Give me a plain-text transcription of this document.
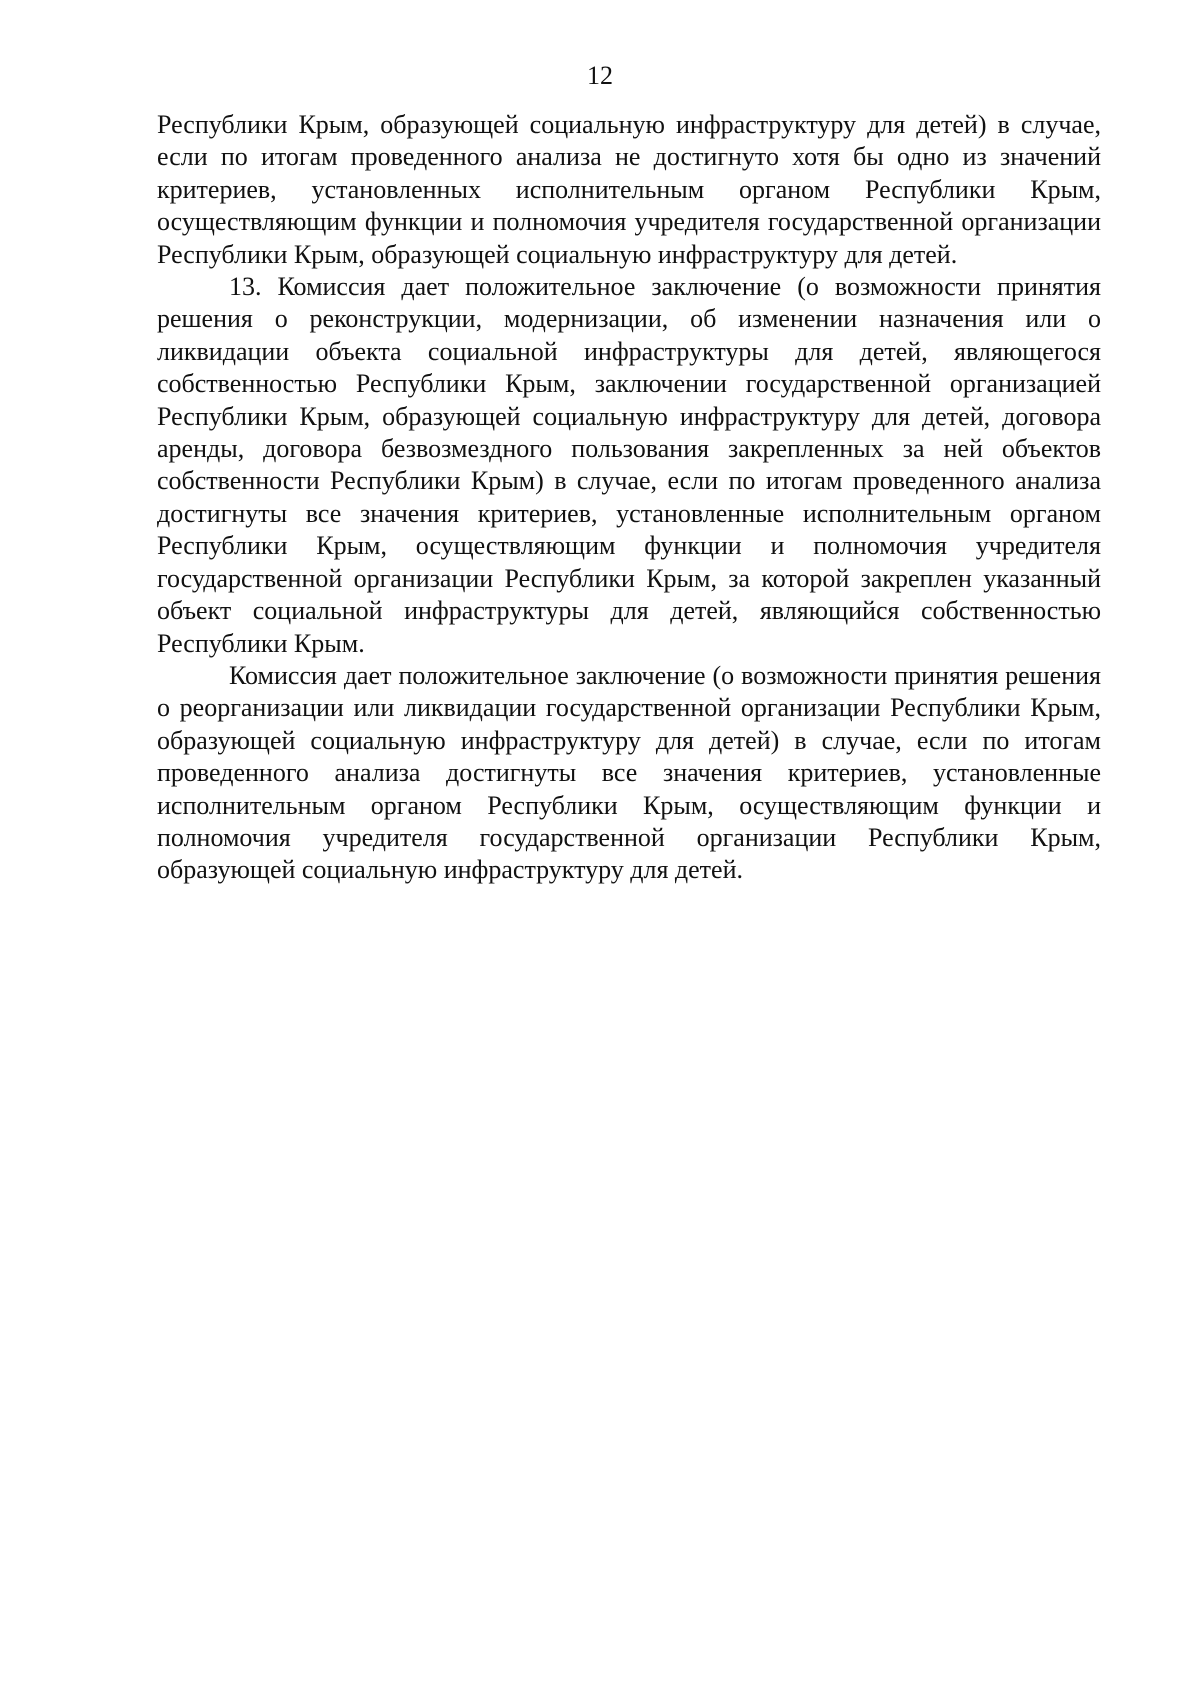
12

Республики Крым, образующей социальную инфраструктуру для детей) в случае, если по итогам проведенного анализа не достигнуто хотя бы одно из значений критериев, установленных исполнительным органом Республики Крым, осуществляющим функции и полномочия учредителя государственной организации Республики Крым, образующей социальную инфраструктуру для детей.

13. Комиссия дает положительное заключение (о возможности принятия решения о реконструкции, модернизации, об изменении назначения или о ликвидации объекта социальной инфраструктуры для детей, являющегося собственностью Республики Крым, заключении государственной организацией Республики Крым, образующей социальную инфраструктуру для детей, договора аренды, договора безвозмездного пользования закрепленных за ней объектов собственности Республики Крым) в случае, если по итогам проведенного анализа достигнуты все значения критериев, установленные исполнительным органом Республики Крым, осуществляющим функции и полномочия учредителя государственной организации Республики Крым, за которой закреплен указанный объект социальной инфраструктуры для детей, являющийся собственностью Республики Крым.

Комиссия дает положительное заключение (о возможности принятия решения о реорганизации или ликвидации государственной организации Республики Крым, образующей социальную инфраструктуру для детей) в случае, если по итогам проведенного анализа достигнуты все значения критериев, установленные исполнительным органом Республики Крым, осуществляющим функции и полномочия учредителя государственной организации Республики Крым, образующей социальную инфраструктуру для детей.
